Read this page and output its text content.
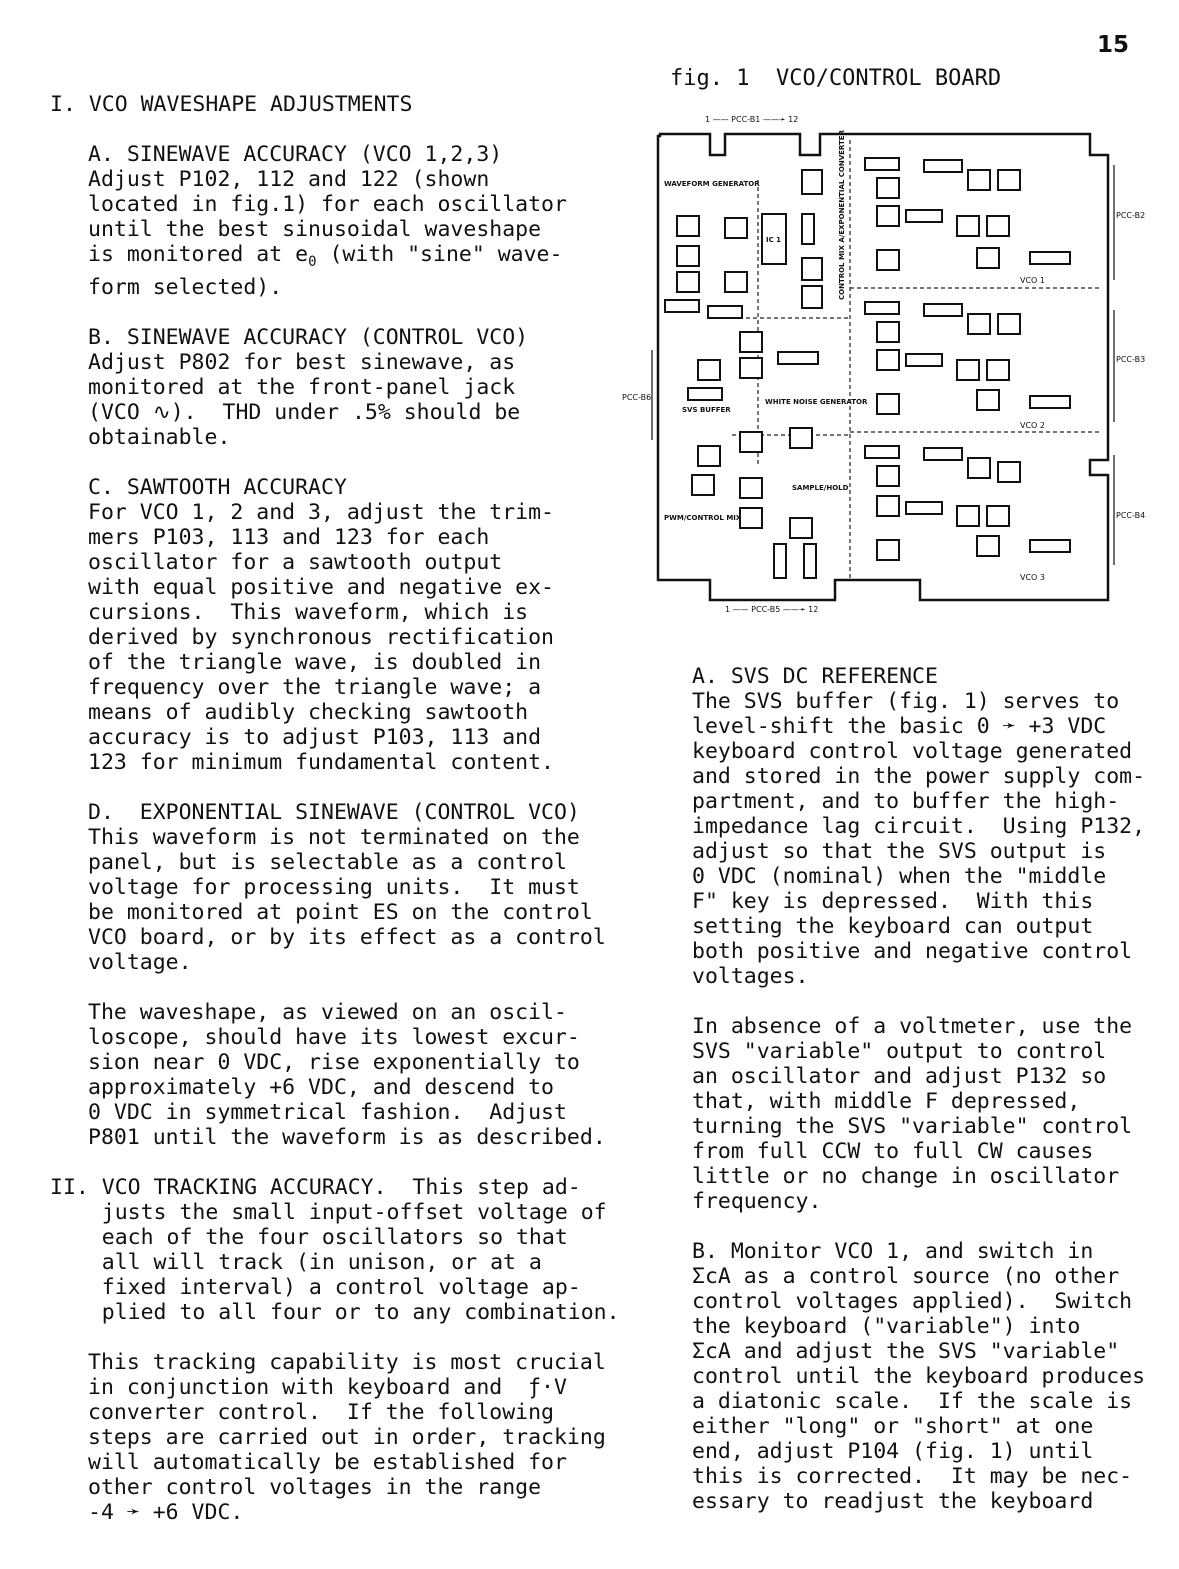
15

I. VCO WAVESHAPE ADJUSTMENTS

A. SINEWAVE ACCURACY (VCO 1,2,3)

Adjust P102, 112 and 122 (shown

located in fig.1) for each oscillator

until the best sinusoidal waveshape

is monitored at $e_0$ (with "sine" wave-

form selected).

B. SINEWAVE ACCURACY (CONTROL VCO)

Adjust P802 for best sinewave, as

monitored at the front-panel jack

(VCO ∿).  THD under .5% should be

obtainable.

C. SAWTOOTH ACCURACY

For VCO 1, 2 and 3, adjust the trim-

mers P103, 113 and 123 for each

oscillator for a sawtooth output

with equal positive and negative ex-

cursions.  This waveform, which is

derived by synchronous rectification

of the triangle wave, is doubled in

frequency over the triangle wave; a

means of audibly checking sawtooth

accuracy is to adjust P103, 113 and

123 for minimum fundamental content.

D.  EXPONENTIAL SINEWAVE (CONTROL VCO)

This waveform is not terminated on the

panel, but is selectable as a control

voltage for processing units.  It must

be monitored at point ES on the control

VCO board, or by its effect as a control

voltage.

The waveshape, as viewed on an oscil-

loscope, should have its lowest excur-

sion near 0 VDC, rise exponentially to

approximately +6 VDC, and descend to

0 VDC in symmetrical fashion.  Adjust

P801 until the waveform is as described.

II. VCO TRACKING ACCURACY.  This step ad-

justs the small input-offset voltage of

each of the four oscillators so that

all will track (in unison, or at a

fixed interval) a control voltage ap-

plied to all four or to any combination.

This tracking capability is most crucial

in conjunction with keyboard and  ƒ·V

converter control.  If the following

steps are carried out in order, tracking

will automatically be established for

other control voltages in the range

-4 ➛ +6 VDC.

fig. 1  VCO/CONTROL BOARD
WAVEFORM GENERATOR
WHITE NOISE GENERATOR
SAMPLE/HOLD
PWM/CONTROL MIX
SVS BUFFER
IC 1	CONTROL MIX A/EXPONENTIAL CONVERTER	VCO 1
VCO 2
VCO 3
1 —— PCC-B1 ——➛ 12
1 —— PCC-B5 ——➛ 12
PCC-B6
PCC-B2
PCC-B3
PCC-B4

A. SVS DC REFERENCE

The SVS buffer (fig. 1) serves to

level-shift the basic 0 ➛ +3 VDC

keyboard control voltage generated

and stored in the power supply com-

partment, and to buffer the high-

impedance lag circuit.  Using P132,

adjust so that the SVS output is

0 VDC (nominal) when the "middle

F" key is depressed.  With this

setting the keyboard can output

both positive and negative control

voltages.

In absence of a voltmeter, use the

SVS "variable" output to control

an oscillator and adjust P132 so

that, with middle F depressed,

turning the SVS "variable" control

from full CCW to full CW causes

little or no change in oscillator

frequency.

B. Monitor VCO 1, and switch in

ΣcA as a control source (no other

control voltages applied).  Switch

the keyboard ("variable") into

ΣcA and adjust the SVS "variable"

control until the keyboard produces

a diatonic scale.  If the scale is

either "long" or "short" at one

end, adjust P104 (fig. 1) until

this is corrected.  It may be nec-

essary to readjust the keyboard
